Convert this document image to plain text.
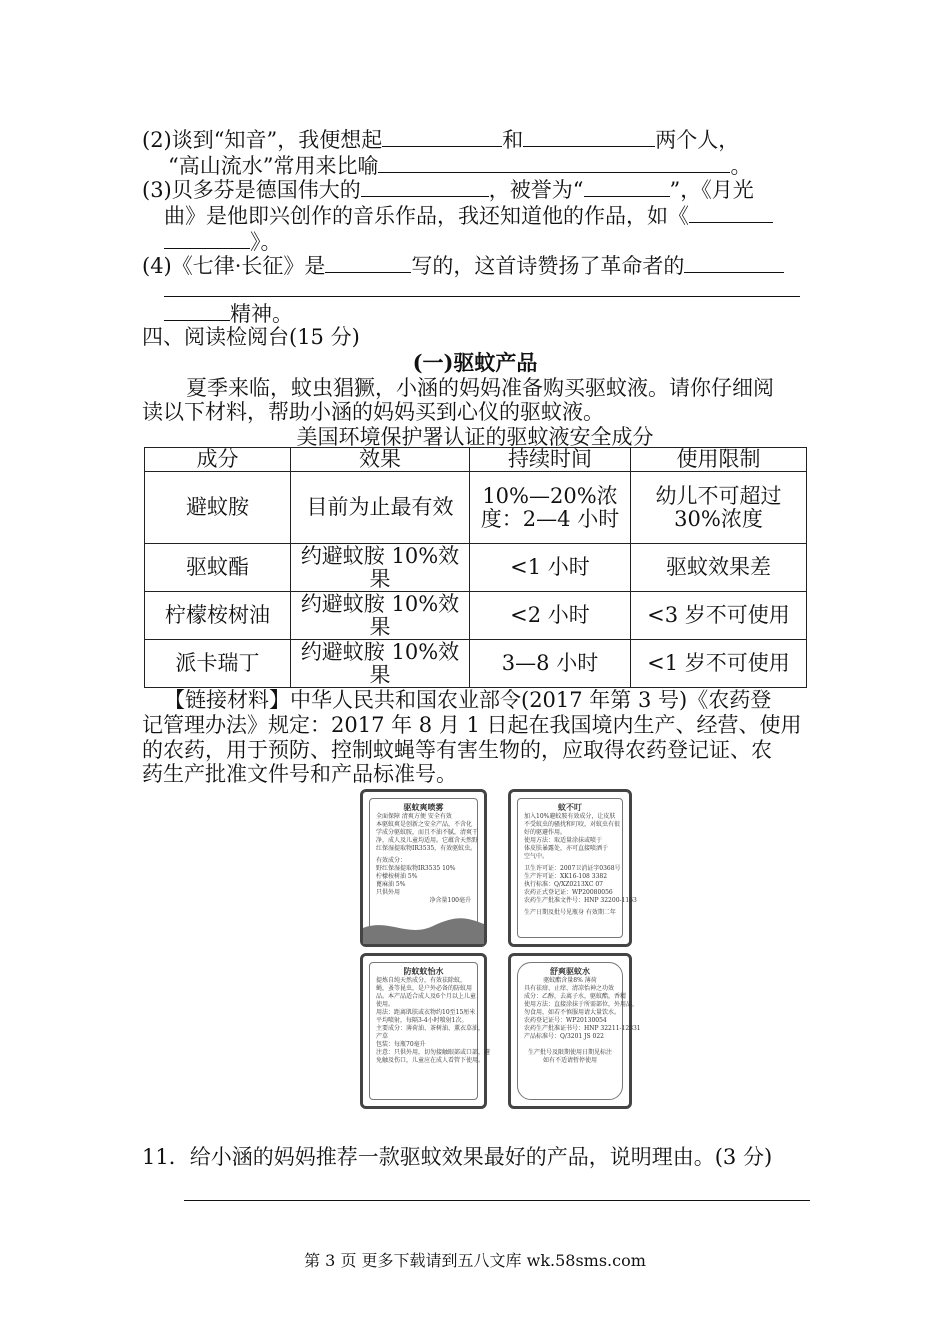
(2)谈到“知音”，我便想起	和	两个人，
“高山流水”常用来比喻	。
(3)贝多芬是德国伟大的	，被誉为“	”，《月光
曲》是他即兴创作的音乐作品，我还知道他的作品，如《
》。
(4)《七律·长征》是	写的，这首诗赞扬了革命者的
精神。
四、阅读检阅台(15 分)
(一)驱蚊产品
夏季来临，蚊虫猖獗，小涵的妈妈准备购买驱蚊液。请你仔细阅
读以下材料，帮助小涵的妈妈买到心仪的驱蚊液。
美国环境保护署认证的驱蚊液安全成分
成分	效果	持续时间	使用限制
避蚊胺	目前为止最有效	10%—20%浓度：2—4 小时	幼儿不可超过 30%浓度
驱蚊酯	约避蚊胺 10%效果	<1 小时	驱蚊效果差
柠檬桉树油	约避蚊胺 10%效果	<2 小时	<3 岁不可使用
派卡瑞丁	约避蚊胺 10%效果	3—8 小时	<1 岁不可使用
【链接材料】中华人民共和国农业部令(2017 年第 3 号)《农药登
记管理办法》规定：2017 年 8 月 1 日起在我国境内生产、经营、使用
的农药，用于预防、控制蚊蝇等有害生物的，应取得农药登记证、农
药生产批准文件号和产品标准号。
驱蚊爽喷雾
全面保障 清爽方便 安全有效
本驱蚊爽是创新之安全产品，不含化
学成分驱蚊胺，而且不油不腻，清爽干
净，成人及儿童均适用。它蕴含天然野
红保湿提取物IR3535，有效驱蚊虫。
有效成分：
野红保湿提取物IR3535 10%
柠檬桉树油 5%
蓖麻油 5%
只供外用
净含量100毫升
蚊不叮
加入10%避蚊胺有效成分，让皮肤
不受蚊虫的骚扰和叮咬，对蚊虫有很
好的驱避作用。
使用方法：取适量涂抹或喷于
体皮肤暴露处，亦可直接喷洒于
空气中。
卫生许可证：2007卫消证字0368号
生产许可证：XK16-108 3382
执行标准：Q/XZ0213XC 07
农药正式登记证：WP20080056
农药生产批准文件号：HNP 32200-1163
生产日期及批号见瓶身 有效期二年
防蚊蚊怡水
提炼自纯天然成分，有效祛除蚊，
蝇，蚤等昆虫，是户外必备的防蚊用
品。本产品适合成人及6个月以上儿童
使用。
用法：距离肌肤或衣物约10至15厘米
平均喷射，每隔3-4小时喷射1次。
主要成分：薄荷油、茶树油、薰衣草油，
产草
包装：每瓶70毫升
注意：只供外用，切勿接触眼部或口部，避
免触及伤口，儿童应在成人看管下使用。
舒爽驱蚊水
驱蚊酯含量8% 薄荷
具有祛痱、止痒、清凉怡神之功效
成分：乙醇，去离子水，驱蚊酯，香精
使用方法：直接涂抹于所需部位，外用品，
勿食用，如若不慎服用请大量饮水。
农药登记证号：WP20130054
农药生产批准证书号：HNP 32211-12831
产品标准号：Q/3201 JS 022
生产批号及限期使用日期见标注
如有不适请暂停使用
11．给小涵的妈妈推荐一款驱蚊效果最好的产品，说明理由。(3 分)
第 3 页 更多下载请到五八文库 wk.58sms.com
